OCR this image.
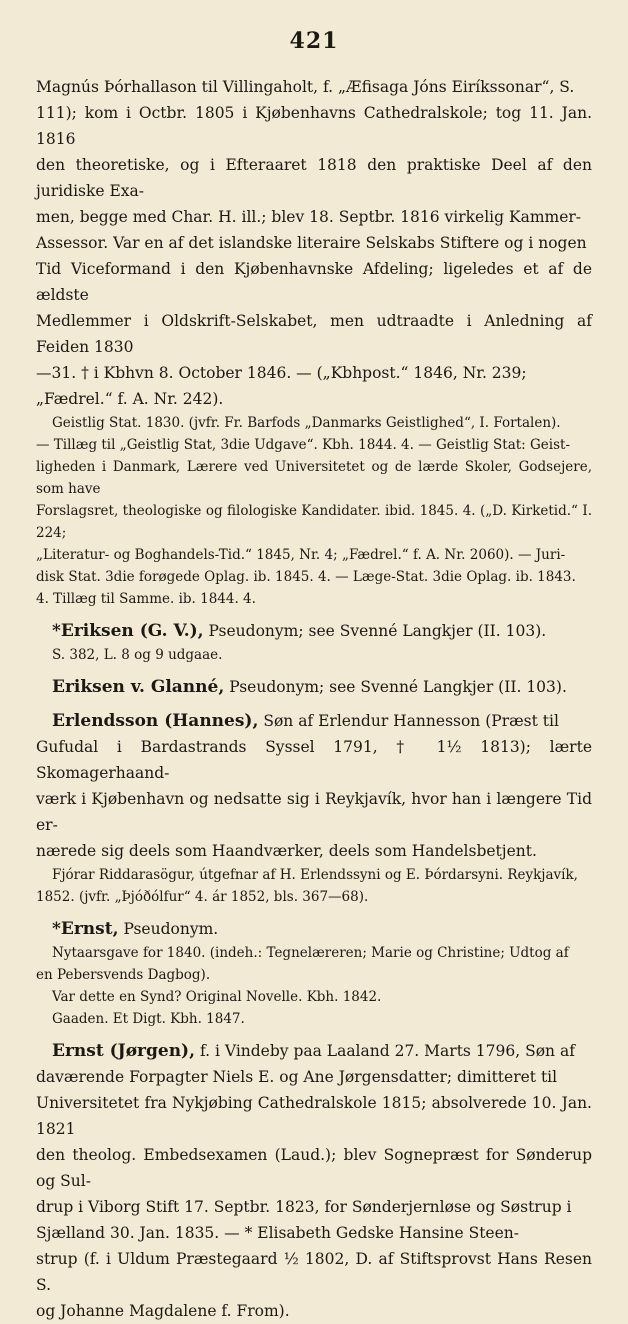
421

Magnús Þórhallason til Villingaholt, f. „Æfisaga Jóns Eiríkssonar“, S.

111); kom i Octbr. 1805 i Kjøbenhavns Cathedralskole; tog 11. Jan. 1816

den theoretiske, og i Efteraaret 1818 den praktiske Deel af den juridiske Exa-

men, begge med Char. H. ill.; blev 18. Septbr. 1816 virkelig Kammer-

Assessor. Var en af det islandske literaire Selskabs Stiftere og i nogen

Tid Viceformand i den Kjøbenhavnske Afdeling; ligeledes et af de ældste

Medlemmer i Oldskrift-Selskabet, men udtraadte i Anledning af Feiden 1830

—31. † i Kbhvn 8. October 1846. — („Kbhpost.“ 1846, Nr. 239;

„Fædrel.“ f. A. Nr. 242).

Geistlig Stat. 1830. (jvfr. Fr. Barfods „Danmarks Geistlighed“, I. Fortalen).

— Tillæg til „Geistlig Stat, 3die Udgave“. Kbh. 1844. 4. — Geistlig Stat: Geist-

ligheden i Danmark, Lærere ved Universitetet og de lærde Skoler, Godsejere, som have

Forslagsret, theologiske og filologiske Kandidater. ibid. 1845. 4. („D. Kirketid.“ I. 224;

„Literatur- og Boghandels-Tid.“ 1845, Nr. 4; „Fædrel.“ f. A. Nr. 2060). — Juri-

disk Stat. 3die forøgede Oplag. ib. 1845. 4. — Læge-Stat. 3die Oplag. ib. 1843.

4. Tillæg til Samme. ib. 1844. 4.

*Eriksen (G. V.), Pseudonym; see Svenné Langkjer (II. 103).

S. 382, L. 8 og 9 udgaae.

Eriksen v. Glanné, Pseudonym; see Svenné Langkjer (II. 103).

Erlendsson (Hannes), Søn af Erlendur Hannesson (Præst til

Gufudal i Bardastrands Syssel 1791, † 1½ 1813); lærte Skomagerhaand-

værk i Kjøbenhavn og nedsatte sig i Reykjavík, hvor han i længere Tid er-

nærede sig deels som Haandværker, deels som Handelsbetjent.

Fjórar Riddarasögur, útgefnar af H. Erlendssyni og E. Þórdarsyni. Reykjavík,

1852. (jvfr. „Þjóðólfur“ 4. ár 1852, bls. 367—68).

*Ernst, Pseudonym.

Nytaarsgave for 1840. (indeh.: Tegnelæreren; Marie og Christine; Udtog af

en Pebersvends Dagbog).

Var dette en Synd? Original Novelle. Kbh. 1842.

Gaaden. Et Digt. Kbh. 1847.

Ernst (Jørgen), f. i Vindeby paa Laaland 27. Marts 1796, Søn af

daværende Forpagter Niels E. og Ane Jørgensdatter; dimitteret til

Universitetet fra Nykjøbing Cathedralskole 1815; absolverede 10. Jan. 1821

den theolog. Embedsexamen (Laud.); blev Sognepræst for Sønderup og Sul-

drup i Viborg Stift 17. Septbr. 1823, for Sønderjernløse og Søstrup i

Sjælland 30. Jan. 1835. — * Elisabeth Gedske Hansine Steen-

strup (f. i Uldum Præstegaard ½ 1802, D. af Stiftsprovst Hans Resen S.

og Johanne Magdalene f. From).
